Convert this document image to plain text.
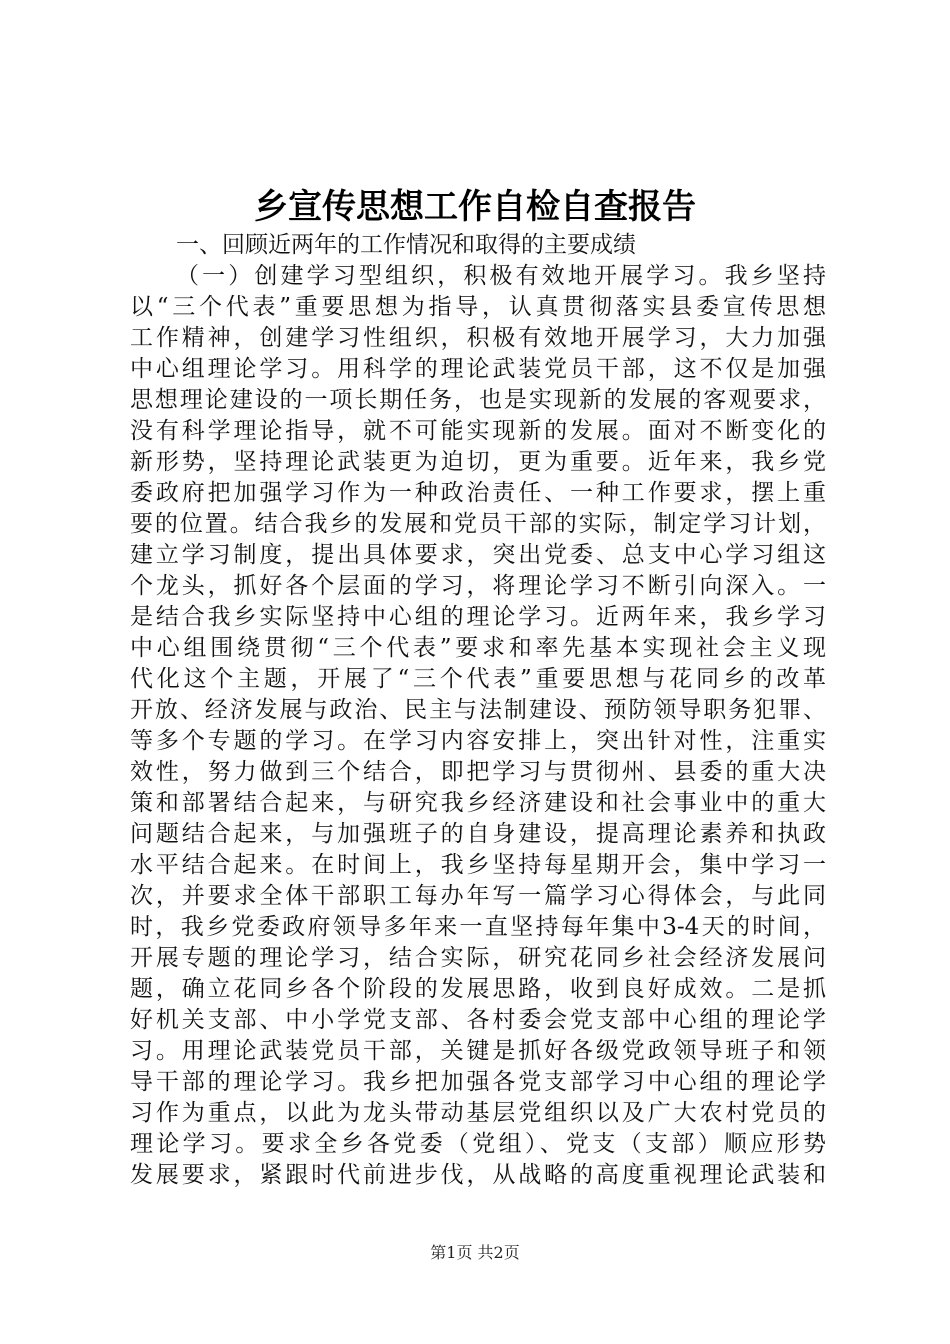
乡宣传思想工作自检自查报告
一、回顾近两年的工作情况和取得的主要成绩
（一）创建学习型组织，积极有效地开展学习。我乡坚持
以“三个代表”重要思想为指导，认真贯彻落实县委宣传思想
工作精神，创建学习性组织，积极有效地开展学习，大力加强
中心组理论学习。用科学的理论武装党员干部，这不仅是加强
思想理论建设的一项长期任务，也是实现新的发展的客观要求，
没有科学理论指导，就不可能实现新的发展。面对不断变化的
新形势，坚持理论武装更为迫切，更为重要。近年来，我乡党
委政府把加强学习作为一种政治责任、一种工作要求，摆上重
要的位置。结合我乡的发展和党员干部的实际，制定学习计划，
建立学习制度，提出具体要求，突出党委、总支中心学习组这
个龙头，抓好各个层面的学习，将理论学习不断引向深入。一
是结合我乡实际坚持中心组的理论学习。近两年来，我乡学习
中心组围绕贯彻“三个代表”要求和率先基本实现社会主义现
代化这个主题，开展了“三个代表”重要思想与花同乡的改革
开放、经济发展与政治、民主与法制建设、预防领导职务犯罪、
等多个专题的学习。在学习内容安排上，突出针对性，注重实
效性，努力做到三个结合，即把学习与贯彻州、县委的重大决
策和部署结合起来，与研究我乡经济建设和社会事业中的重大
问题结合起来，与加强班子的自身建设，提高理论素养和执政
水平结合起来。在时间上，我乡坚持每星期开会，集中学习一
次，并要求全体干部职工每办年写一篇学习心得体会，与此同
时，我乡党委政府领导多年来一直坚持每年集中3-4天的时间，
开展专题的理论学习，结合实际，研究花同乡社会经济发展问
题，确立花同乡各个阶段的发展思路，收到良好成效。二是抓
好机关支部、中小学党支部、各村委会党支部中心组的理论学
习。用理论武装党员干部，关键是抓好各级党政领导班子和领
导干部的理论学习。我乡把加强各党支部学习中心组的理论学
习作为重点，以此为龙头带动基层党组织以及广大农村党员的
理论学习。要求全乡各党委（党组）、党支（支部）顺应形势
发展要求，紧跟时代前进步伐，从战略的高度重视理论武装和
第1页 共2页
